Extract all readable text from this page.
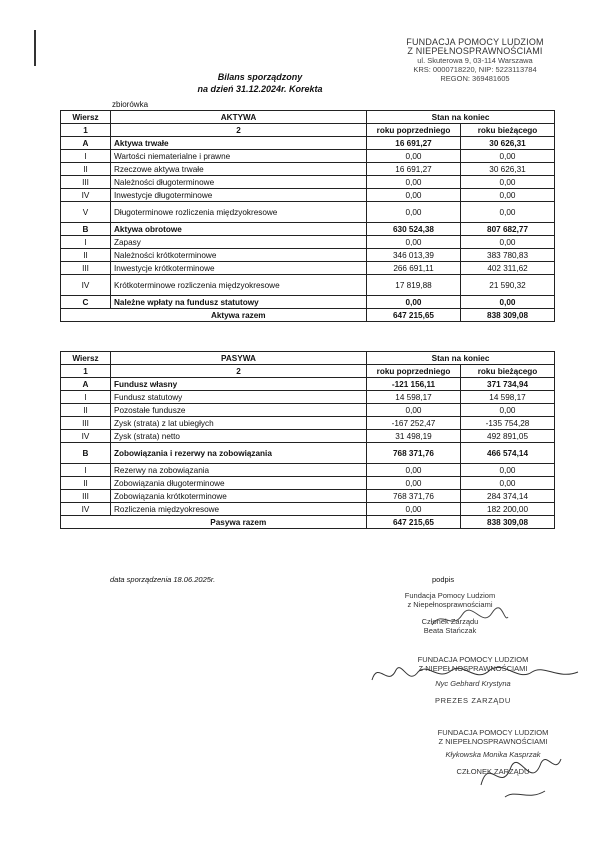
FUNDACJA POMOCY LUDZIOM
Z NIEPEŁNOSPRAWNOŚCIAMI
ul. Skuterowa 9, 03-114 Warszawa
KRS: 0000718220, NIP: 5223113784
REGON: 369481605
Bilans sporządzony
na dzień 31.12.2024r. Korekta
zbiorówka
Wiersz	AKTYWA	Stan na koniec	
1	2	roku poprzedniego	roku bieżącego
A	Aktywa trwałe	16 691,27	30 626,31
I	Wartości niematerialne i prawne	0,00	0,00
II	Rzeczowe aktywa trwałe	16 691,27	30 626,31
III	Należności długoterminowe	0,00	0,00
IV	Inwestycje długoterminowe	0,00	0,00
V	Długoterminowe rozliczenia międzyokresowe	0,00	0,00
B	Aktywa obrotowe	630 524,38	807 682,77
I	Zapasy	0,00	0,00
II	Należności krótkoterminowe	346 013,39	383 780,83
III	Inwestycje krótkoterminowe	266 691,11	402 311,62
IV	Krótkoterminowe rozliczenia międzyokresowe	17 819,88	21 590,32
C	Należne wpłaty na fundusz statutowy	0,00	0,00
	Aktywa razem	647 215,65	838 309,08
Wiersz	PASYWA	Stan na koniec	
1	2	roku poprzedniego	roku bieżącego
A	Fundusz własny	-121 156,11	371 734,94
I	Fundusz statutowy	14 598,17	14 598,17
II	Pozostałe fundusze	0,00	0,00
III	Zysk (strata) z lat ubiegłych	-167 252,47	-135 754,28
IV	Zysk (strata) netto	31 498,19	492 891,05
B	Zobowiązania i rezerwy na zobowiązania	768 371,76	466 574,14
I	Rezerwy na zobowiązania	0,00	0,00
II	Zobowiązania długoterminowe	0,00	0,00
III	Zobowiązania krótkoterminowe	768 371,76	284 374,14
IV	Rozliczenia międzyokresowe	0,00	182 200,00
	Pasywa razem	647 215,65	838 309,08
data sporządzenia 18.06.2025r.	podpis
Fundacja Pomocy Ludziom
z Niepełnosprawnościami
Członek Zarządu
Beata Stańczak
FUNDACJA POMOCY LUDZIOM
Z NIEPEŁNOSPRAWNOŚCIAMI
Nyc Gebhard Krystyna
PREZES ZARZĄDU
FUNDACJA POMOCY LUDZIOM
Z NIEPEŁNOSPRAWNOŚCIAMI
Kłykowska Monika Kasprzak
CZŁONEK ZARZĄDU
